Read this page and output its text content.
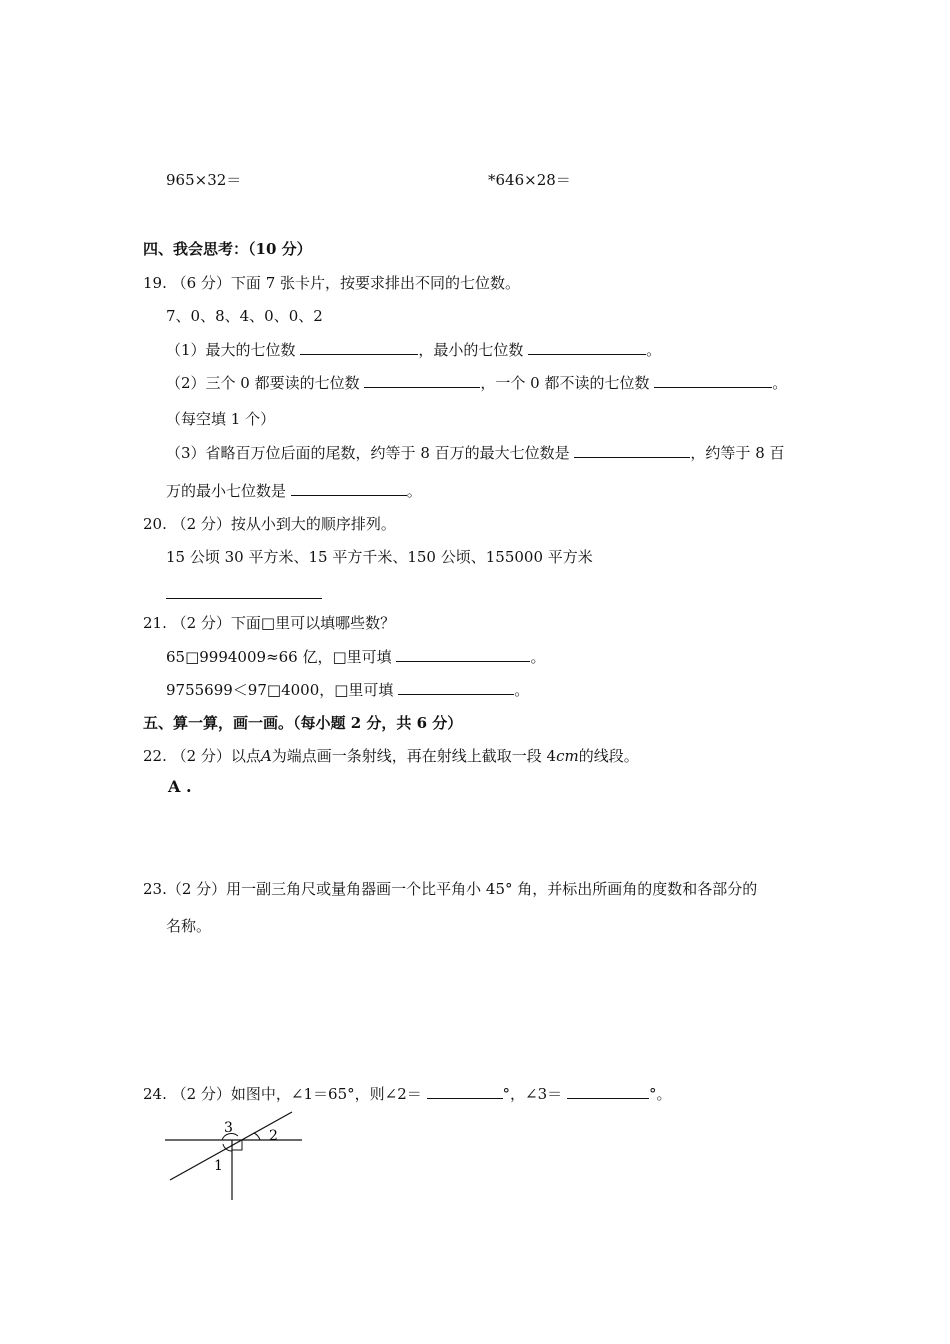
965×32＝	*646×28＝
四、我会思考：（10 分）
19. （6 分）下面 7 张卡片，按要求排出不同的七位数。
7、0、8、4、0、0、2
（1）最大的七位数	，最小的七位数	。
（2）三个 0 都要读的七位数	，一个 0 都不读的七位数	。
（每空填 1 个）
（3）省略百万位后面的尾数，约等于 8 百万的最大七位数是	，约等于 8 百
万的最小七位数是	。
20. （2 分）按从小到大的顺序排列。
15 公顷 30 平方米、15 平方千米、150 公顷、155000 平方米
21. （2 分）下面□里可以填哪些数？
65□9994009≈66 亿，□里可填	。
9755699＜97□4000，□里可填	。
五、算一算，画一画。（每小题 2 分，共 6 分）
22. （2 分）以点A为端点画一条射线，再在射线上截取一段 4cm的线段。
A .
23.（2 分）用一副三角尺或量角器画一个比平角小 45° 角，并标出所画角的度数和各部分的
名称。
24. （2 分）如图中，∠1＝65°，则∠2＝	°，∠3＝	°。
3	2
1
